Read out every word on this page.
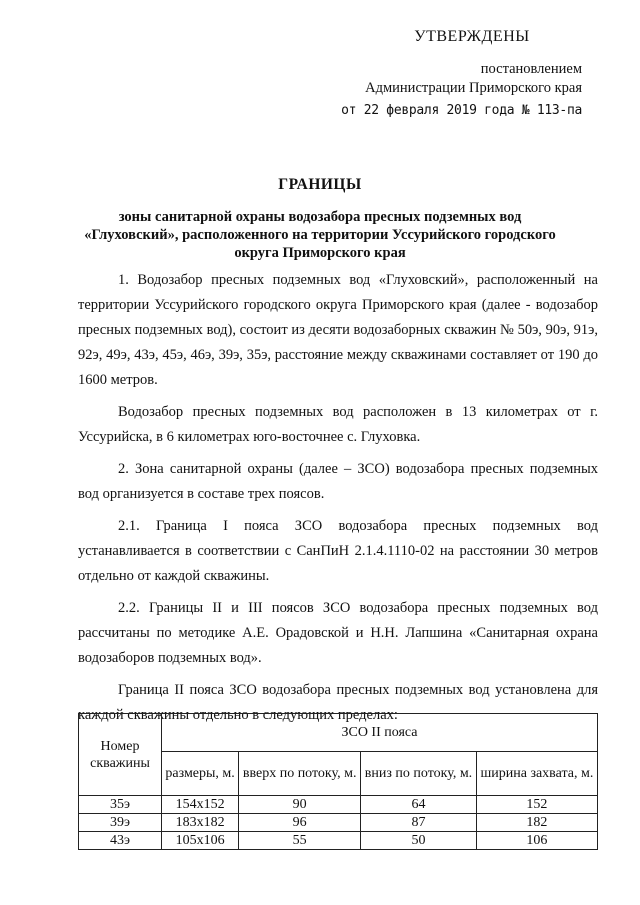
УТВЕРЖДЕНЫ
постановлением
Администрации Приморского края
от 22 февраля 2019 года № 113-па
ГРАНИЦЫ
зоны санитарной охраны водозабора пресных подземных вод
«Глуховский», расположенного на территории Уссурийского городского
округа Приморского края

1. Водозабор пресных подземных вод «Глуховский», расположенный на территории Уссурийского городского округа Приморского края (далее - водозабор пресных подземных вод), состоит из десяти водозаборных скважин № 50э, 90э, 91э, 92э, 49э, 43э, 45э, 46э, 39э, 35э, расстояние между скважинами составляет от 190 до 1600 метров.

Водозабор пресных подземных вод расположен в 13 километрах от г. Уссурийска, в 6 километрах юго-восточнее с. Глуховка.

2. Зона санитарной охраны (далее – ЗСО) водозабора пресных подземных вод организуется в составе трех поясов.

2.1. Граница I пояса ЗСО водозабора пресных подземных вод устанавливается в соответствии с СанПиН 2.1.4.1110-02 на расстоянии 30 метров отдельно от каждой скважины.

2.2. Границы II и III поясов ЗСО водозабора пресных подземных вод рассчитаны по методике А.Е. Орадовской и Н.Н. Лапшина «Санитарная охрана водозаборов подземных вод».

Граница II пояса ЗСО водозабора пресных подземных вод установлена для каждой скважины отдельно в следующих пределах:

Номер скважины	ЗСО II пояса			
	размеры, м.	вверх по потоку, м.	вниз по потоку, м.	ширина захвата, м.
35э	154x152	90	64	152
39э	183x182	96	87	182
43э	105x106	55	50	106
